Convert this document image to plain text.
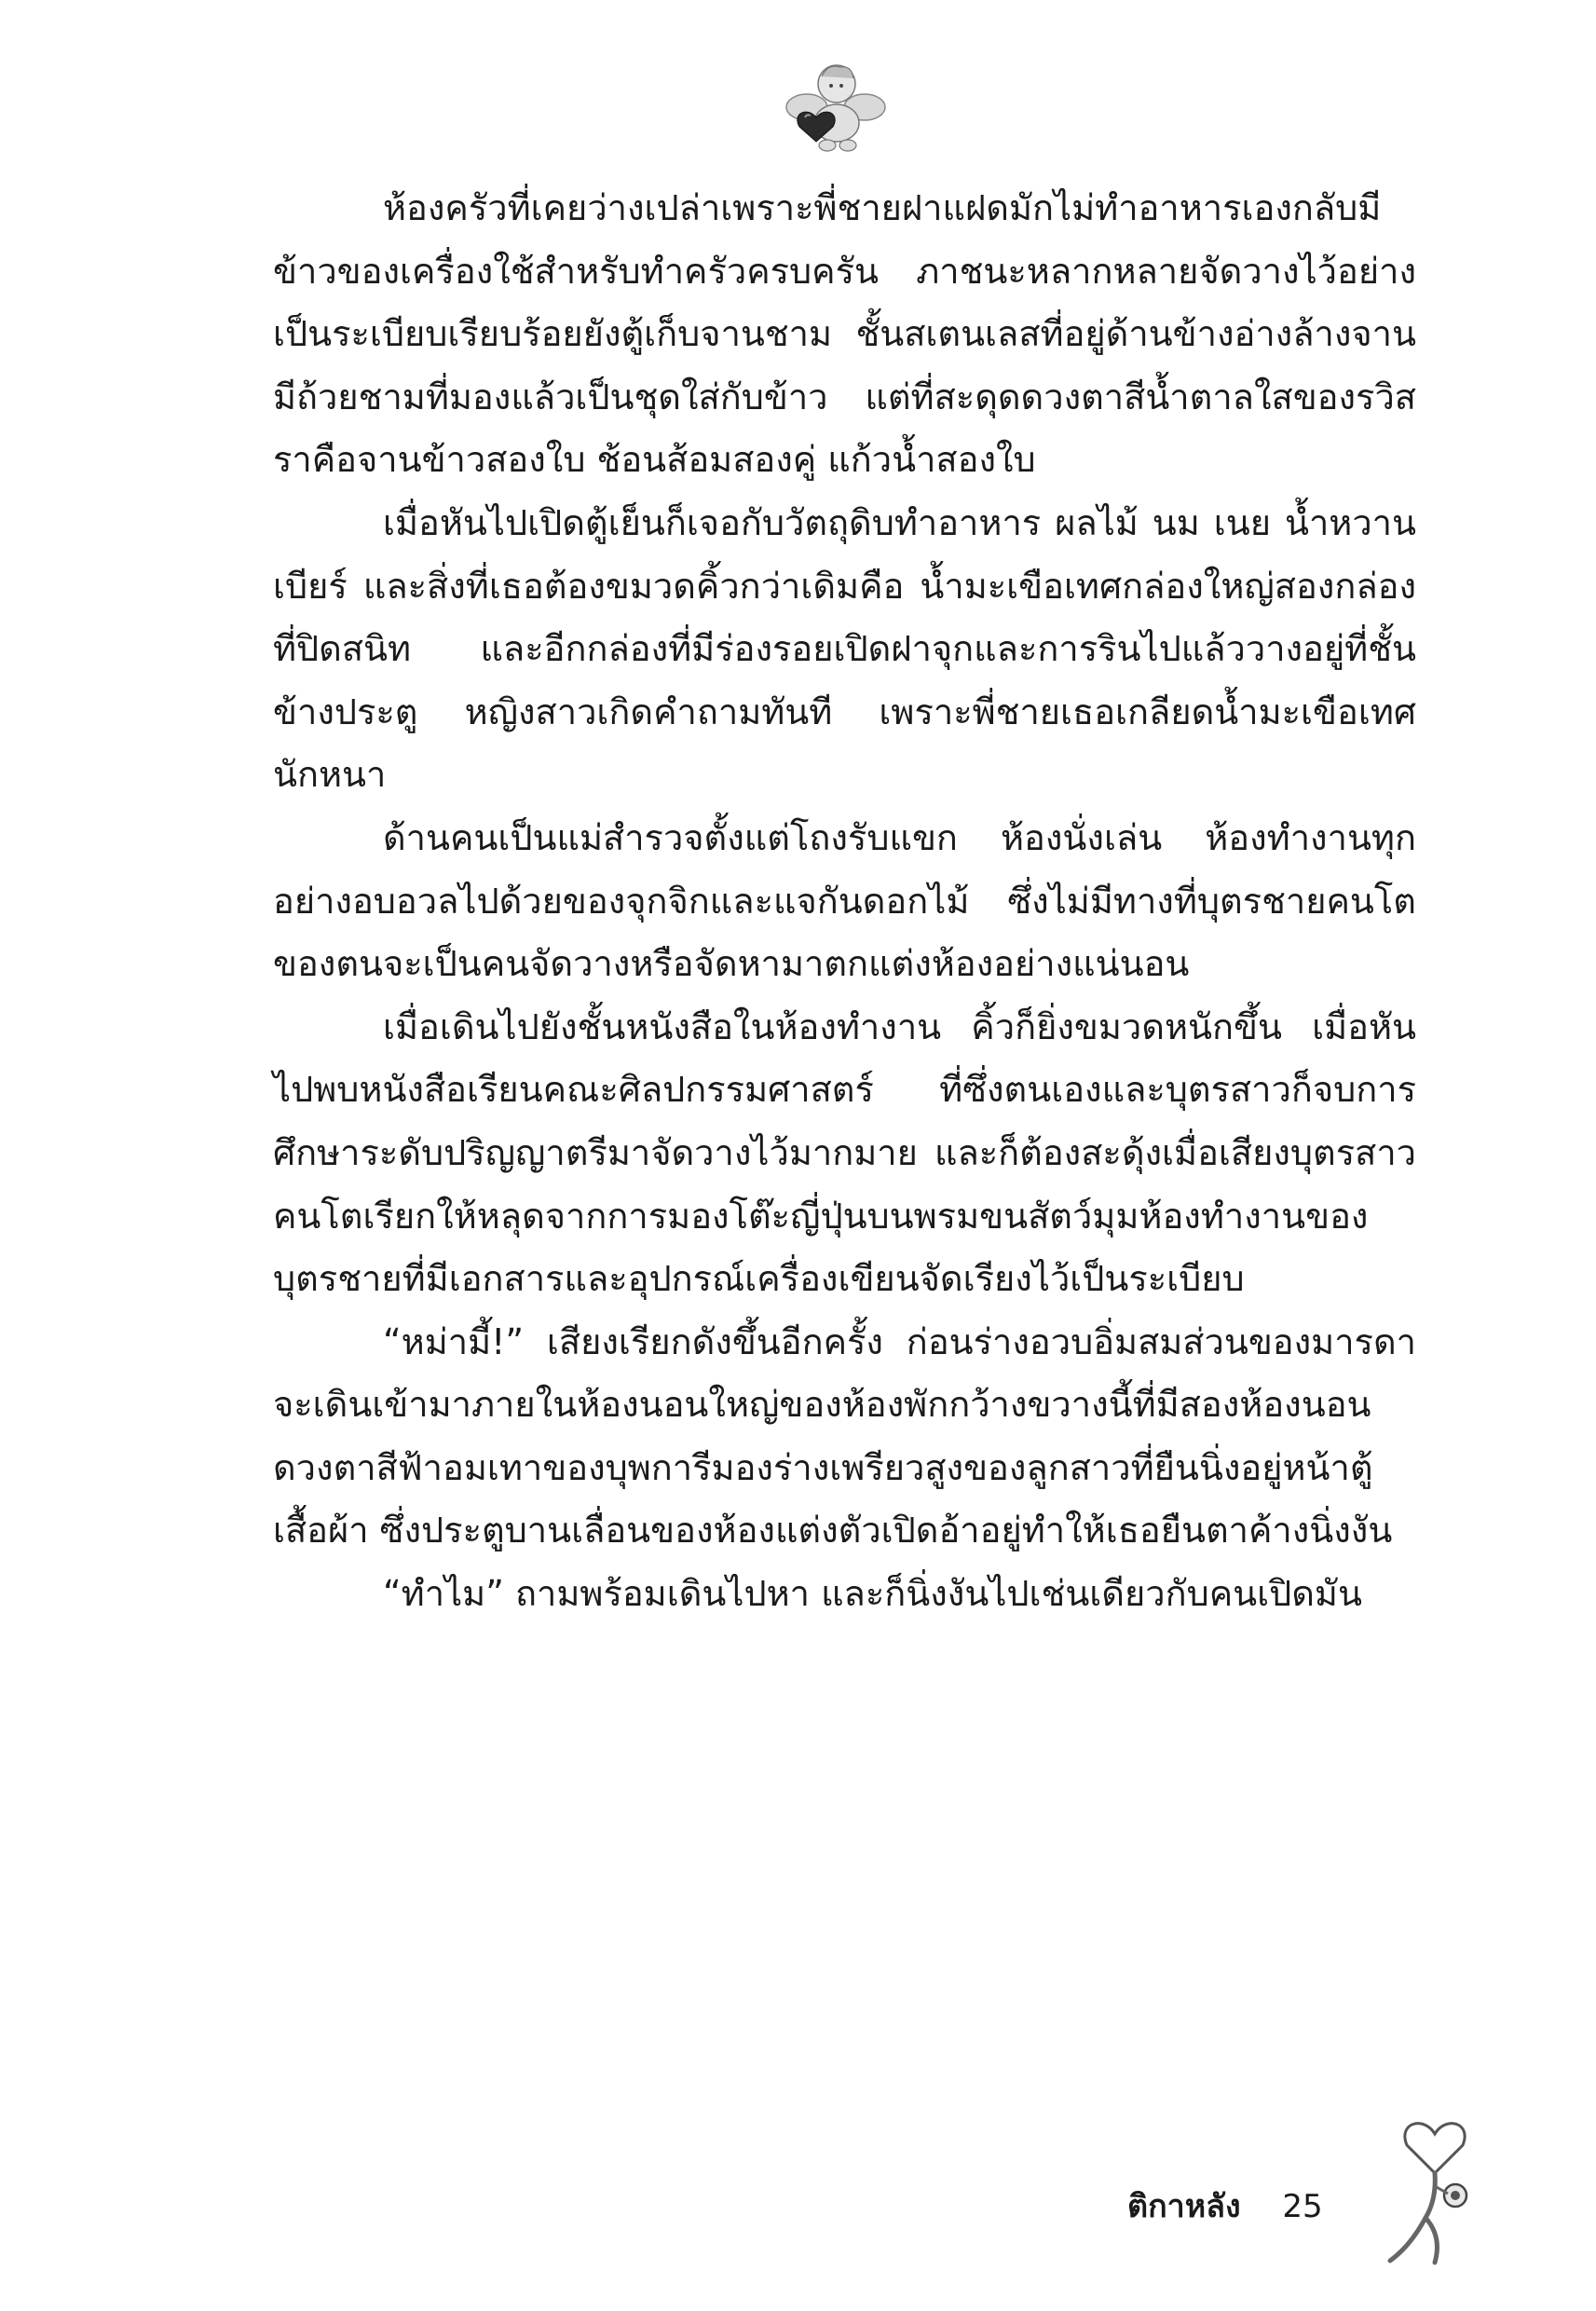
ห้องครัวที่เคยว่างเปล่าเพราะพี่ชายฝาแฝดมักไม่ทำอาหารเองกลับมีข้าวของเครื่องใช้สำหรับทำครัวครบครัน ภาชนะหลากหลายจัดวางไว้อย่างเป็นระเบียบเรียบร้อยยังตู้เก็บจานชาม ชั้นสเตนเลสที่อยู่ด้านข้างอ่างล้างจานมีถ้วยชามที่มองแล้วเป็นชุดใส่กับข้าว แต่ที่สะดุดดวงตาสีน้ำตาลใสของรวิสราคือจานข้าวสองใบ ช้อนส้อมสองคู่ แก้วน้ำสองใบ

เมื่อหันไปเปิดตู้เย็นก็เจอกับวัตถุดิบทำอาหาร ผลไม้ นม เนย น้ำหวาน เบียร์ และสิ่งที่เธอต้องขมวดคิ้วกว่าเดิมคือ น้ำมะเขือเทศกล่องใหญ่สองกล่องที่ปิดสนิท และอีกกล่องที่มีร่องรอยเปิดฝาจุกและการรินไปแล้ววางอยู่ที่ชั้นข้างประตู หญิงสาวเกิดคำถามทันที เพราะพี่ชายเธอเกลียดน้ำมะเขือเทศนักหนา

ด้านคนเป็นแม่สำรวจตั้งแต่โถงรับแขก ห้องนั่งเล่น ห้องทำงานทุกอย่างอบอวลไปด้วยของจุกจิกและแจกันดอกไม้ ซึ่งไม่มีทางที่บุตรชายคนโตของตนจะเป็นคนจัดวางหรือจัดหามาตกแต่งห้องอย่างแน่นอน

เมื่อเดินไปยังชั้นหนังสือในห้องทำงาน คิ้วก็ยิ่งขมวดหนักขึ้น เมื่อหันไปพบหนังสือเรียนคณะศิลปกรรมศาสตร์ ที่ซึ่งตนเองและบุตรสาวก็จบการศึกษาระดับปริญญาตรีมาจัดวางไว้มากมาย และก็ต้องสะดุ้งเมื่อเสียงบุตรสาวคนโตเรียกให้หลุดจากการมองโต๊ะญี่ปุ่นบนพรมขนสัตว์มุมห้องทำงานของบุตรชายที่มีเอกสารและอุปกรณ์เครื่องเขียนจัดเรียงไว้เป็นระเบียบ

“หม่ามี้!” เสียงเรียกดังขึ้นอีกครั้ง ก่อนร่างอวบอิ่มสมส่วนของมารดาจะเดินเข้ามาภายในห้องนอนใหญ่ของห้องพักกว้างขวางนี้ที่มีสองห้องนอน ดวงตาสีฟ้าอมเทาของบุพการีมองร่างเพรียวสูงของลูกสาวที่ยืนนิ่งอยู่หน้าตู้เสื้อผ้า ซึ่งประตูบานเลื่อนของห้องแต่งตัวเปิดอ้าอยู่ทำให้เธอยืนตาค้างนิ่งงัน

“ทำไม” ถามพร้อมเดินไปหา และก็นิ่งงันไปเช่นเดียวกับคนเปิดมัน

ติกาหลัง 25
